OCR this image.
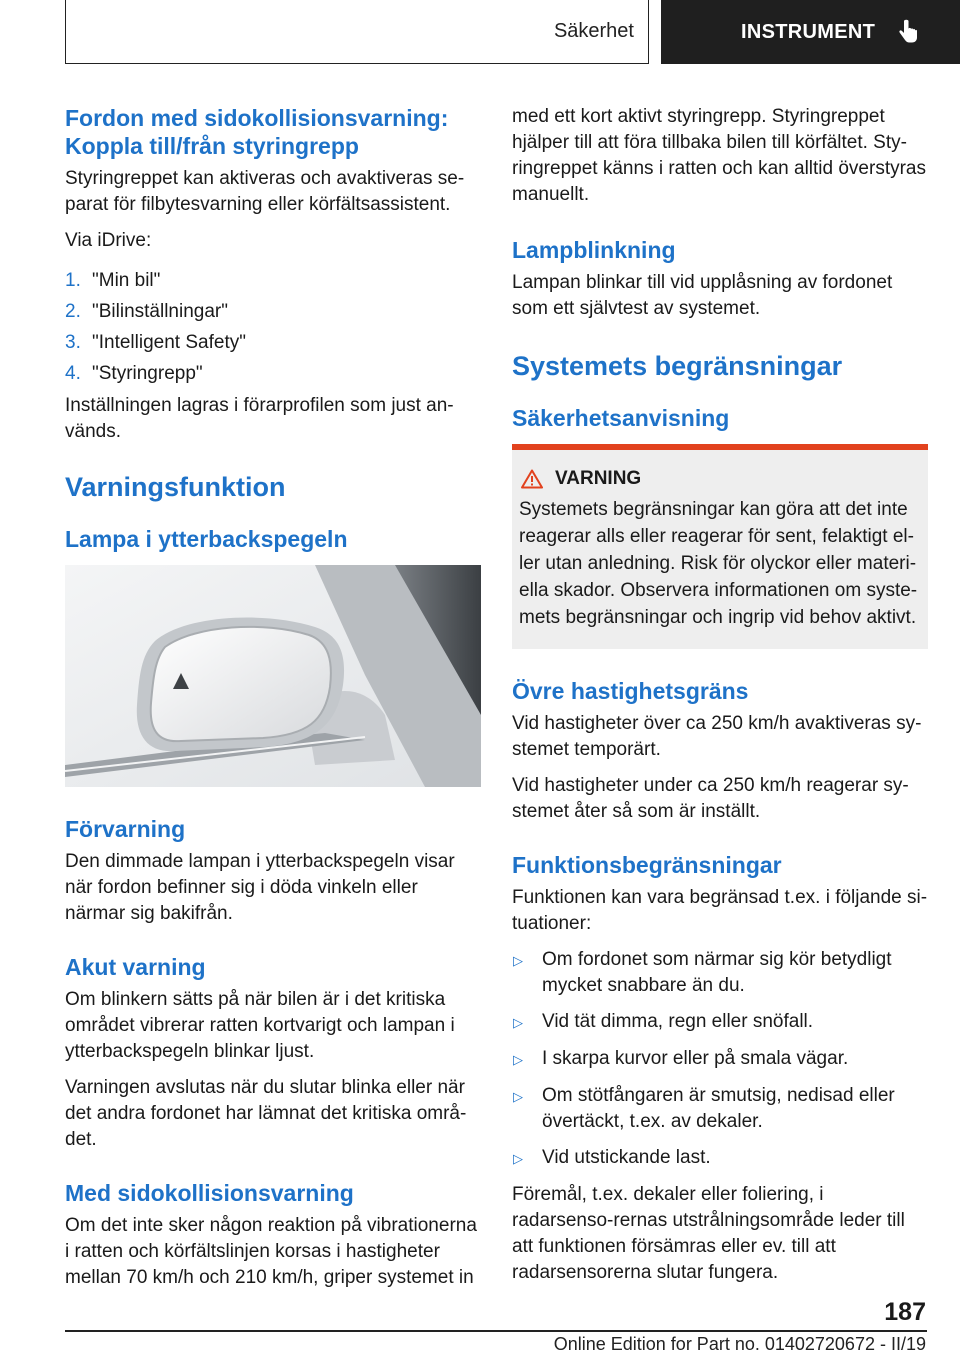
Säkerhet	INSTRUMENT
Fordon med sidokollisionsvarning: Koppla till/från styringrepp

Styringreppet kan aktiveras och avaktiveras se-parat för filbytesvarning eller körfältsassistent.

Via iDrive:

1. "Min bil"
2. "Bilinställningar"
3. "Intelligent Safety"
4. "Styringrepp"

Inställningen lagras i förarprofilen som just an-vänds.

Varningsfunktion
Lampa i ytterbackspegeln
Förvarning

Den dimmade lampan i ytterbackspegeln visar när fordon befinner sig i döda vinkeln eller närmar sig bakifrån.

Akut varning

Om blinkern sätts på när bilen är i det kritiska området vibrerar ratten kortvarigt och lampan i ytterbackspegeln blinkar ljust.

Varningen avslutas när du slutar blinka eller när det andra fordonet har lämnat det kritiska områ-det.

Med sidokollisionsvarning

Om det inte sker någon reaktion på vibrationerna i ratten och körfältslinjen korsas i hastigheter mellan 70 km/h och 210 km/h, griper systemet in

med ett kort aktivt styringrepp. Styringreppet hjälper till att föra tillbaka bilen till körfältet. Sty-ringreppet känns i ratten och kan alltid överstyras manuellt.

Lampblinkning

Lampan blinkar till vid upplåsning av fordonet som ett självtest av systemet.

Systemets begränsningar
Säkerhetsanvisning
VARNING

Systemets begränsningar kan göra att det inte reagerar alls eller reagerar för sent, felaktigt el-ler utan anledning. Risk för olyckor eller materi-ella skador. Observera informationen om syste-mets begränsningar och ingrip vid behov aktivt.

Övre hastighetsgräns

Vid hastigheter över ca 250 km/h avaktiveras sy-stemet temporärt.

Vid hastigheter under ca 250 km/h reagerar sy-stemet åter så som är inställt.

Funktionsbegränsningar

Funktionen kan vara begränsad t.ex. i följande si-tuationer:

▷	Om fordonet som närmar sig kör betydligt mycket snabbare än du.
▷	Vid tät dimma, regn eller snöfall.
▷	I skarpa kurvor eller på smala vägar.
▷	Om stötfångaren är smutsig, nedisad eller övertäckt, t.ex. av dekaler.
▷	Vid utstickande last.

Föremål, t.ex. dekaler eller foliering, i radarsenso-rernas utstrålningsområde leder till att funktionen försämras eller ev. till att radarsensorerna slutar fungera.

187
Online Edition for Part no. 01402720672 - II/19
